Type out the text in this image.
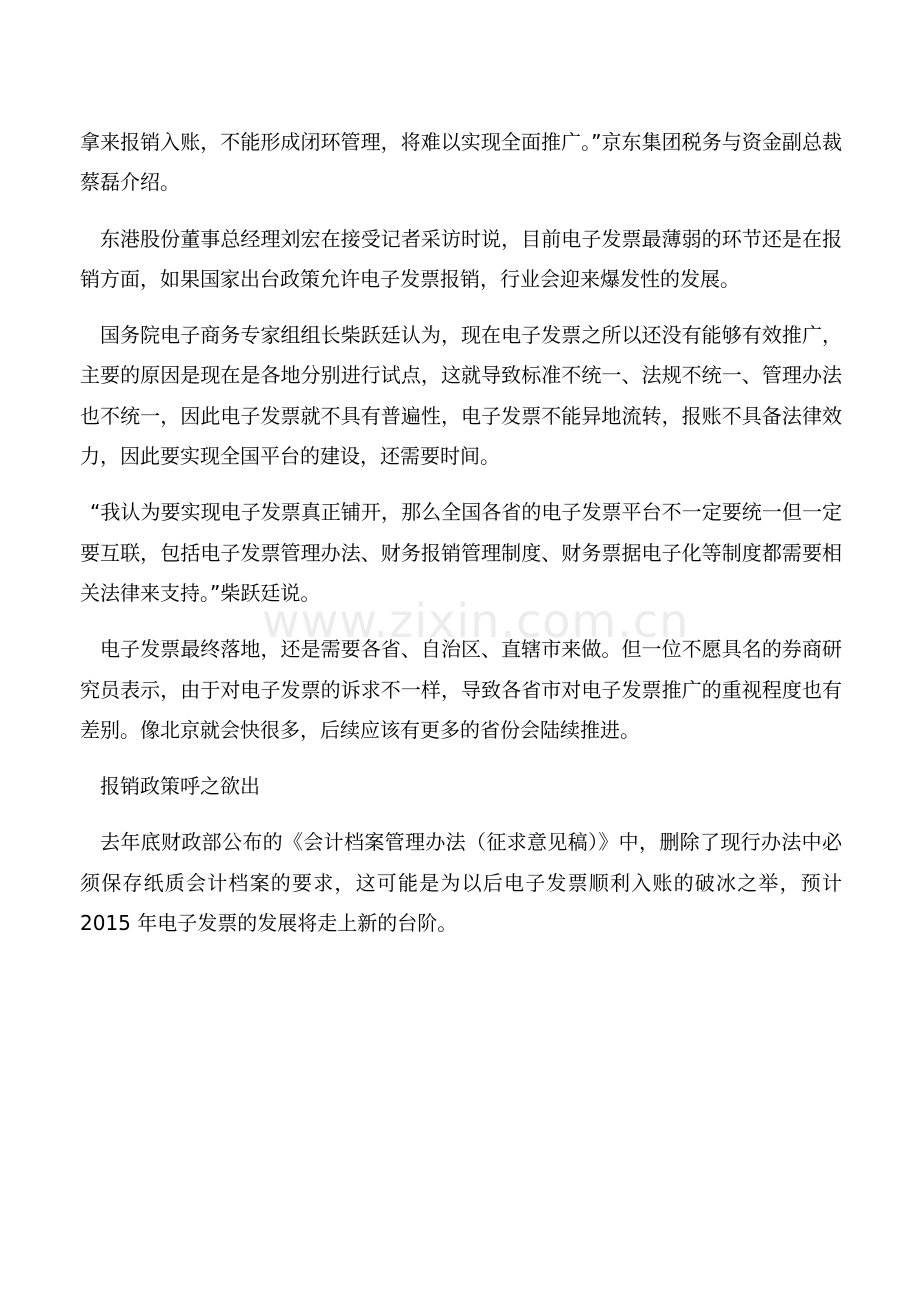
拿来报销入账，不能形成闭环管理，将难以实现全面推广。”京东集团税务与资金副总裁蔡磊介绍。

东港股份董事总经理刘宏在接受记者采访时说，目前电子发票最薄弱的环节还是在报销方面，如果国家出台政策允许电子发票报销，行业会迎来爆发性的发展。

国务院电子商务专家组组长柴跃廷认为，现在电子发票之所以还没有能够有效推广，主要的原因是现在是各地分别进行试点，这就导致标准不统一、法规不统一、管理办法也不统一，因此电子发票就不具有普遍性，电子发票不能异地流转，报账不具备法律效力，因此要实现全国平台的建设，还需要时间。

“我认为要实现电子发票真正铺开，那么全国各省的电子发票平台不一定要统一但一定要互联，包括电子发票管理办法、财务报销管理制度、财务票据电子化等制度都需要相关法律来支持。”柴跃廷说。

电子发票最终落地，还是需要各省、自治区、直辖市来做。但一位不愿具名的券商研究员表示，由于对电子发票的诉求不一样，导致各省市对电子发票推广的重视程度也有差别。像北京就会快很多，后续应该有更多的省份会陆续推进。

报销政策呼之欲出

去年底财政部公布的《会计档案管理办法（征求意见稿）》中，删除了现行办法中必须保存纸质会计档案的要求，这可能是为以后电子发票顺利入账的破冰之举，预计 2015 年电子发票的发展将走上新的台阶。

www.zixin.com.cn
